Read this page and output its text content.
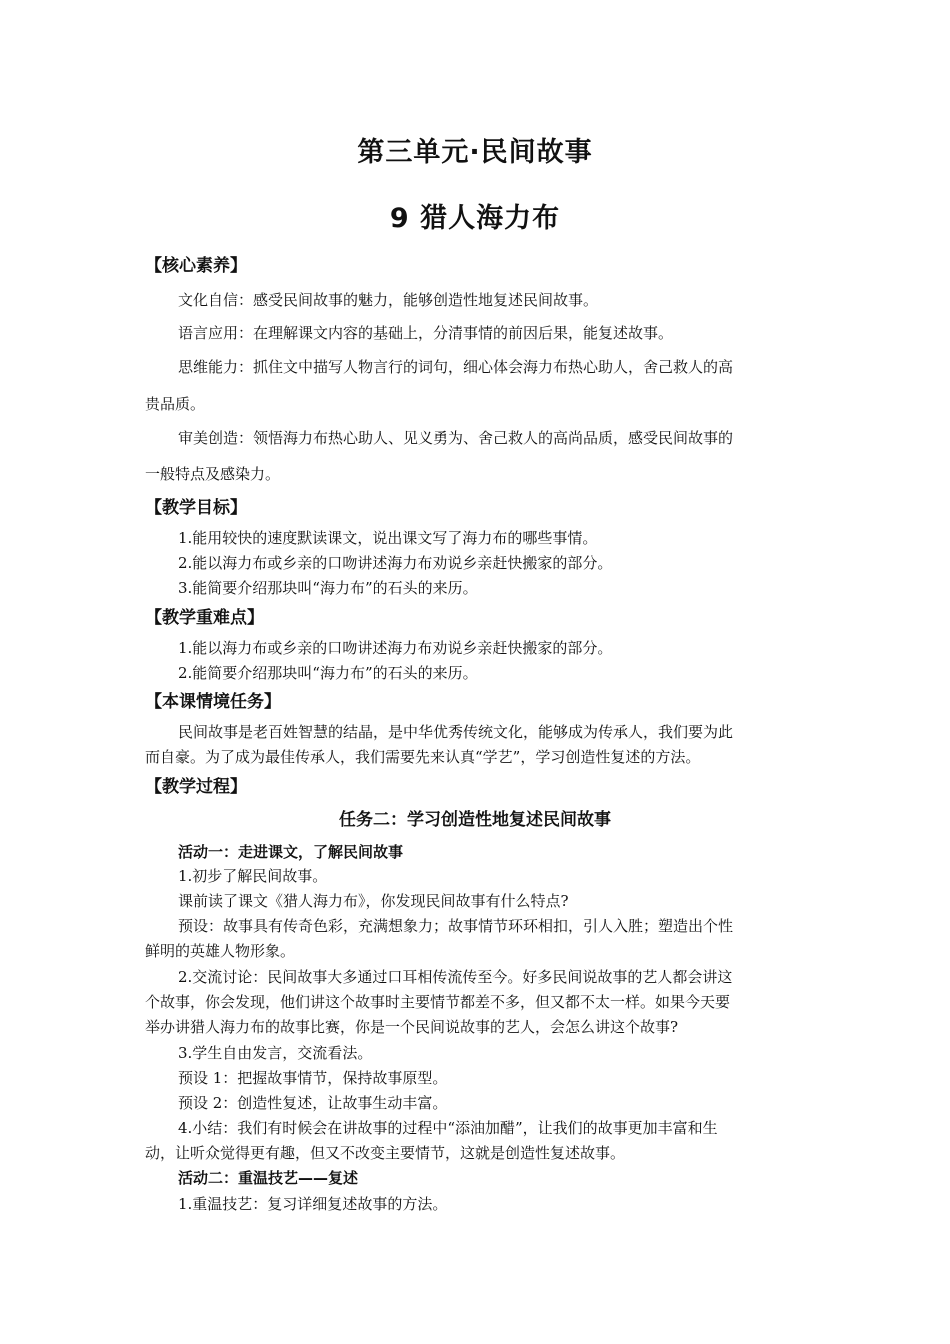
第三单元·民间故事
9 猎人海力布
【核心素养】
文化自信：感受民间故事的魅力，能够创造性地复述民间故事。
语言应用：在理解课文内容的基础上，分清事情的前因后果，能复述故事。
思维能力：抓住文中描写人物言行的词句，细心体会海力布热心助人，舍己救人的高
贵品质。
审美创造：领悟海力布热心助人、见义勇为、舍己救人的高尚品质，感受民间故事的
一般特点及感染力。
【教学目标】
1.能用较快的速度默读课文，说出课文写了海力布的哪些事情。
2.能以海力布或乡亲的口吻讲述海力布劝说乡亲赶快搬家的部分。
3.能简要介绍那块叫“海力布”的石头的来历。
【教学重难点】
1.能以海力布或乡亲的口吻讲述海力布劝说乡亲赶快搬家的部分。
2.能简要介绍那块叫“海力布”的石头的来历。
【本课情境任务】
民间故事是老百姓智慧的结晶，是中华优秀传统文化，能够成为传承人，我们要为此
而自豪。为了成为最佳传承人，我们需要先来认真“学艺”，学习创造性复述的方法。
【教学过程】
任务二：学习创造性地复述民间故事
活动一：走进课文，了解民间故事
1.初步了解民间故事。
课前读了课文《猎人海力布》，你发现民间故事有什么特点?
预设：故事具有传奇色彩，充满想象力；故事情节环环相扣，引人入胜；塑造出个性
鲜明的英雄人物形象。
2.交流讨论：民间故事大多通过口耳相传流传至今。好多民间说故事的艺人都会讲这
个故事，你会发现，他们讲这个故事时主要情节都差不多，但又都不太一样。如果今天要
举办讲猎人海力布的故事比赛，你是一个民间说故事的艺人，会怎么讲这个故事?
3.学生自由发言，交流看法。
预设 1：把握故事情节，保持故事原型。
预设 2：创造性复述，让故事生动丰富。
4.小结：我们有时候会在讲故事的过程中“添油加醋”，让我们的故事更加丰富和生
动，让听众觉得更有趣，但又不改变主要情节，这就是创造性复述故事。
活动二：重温技艺——复述
1.重温技艺：复习详细复述故事的方法。
